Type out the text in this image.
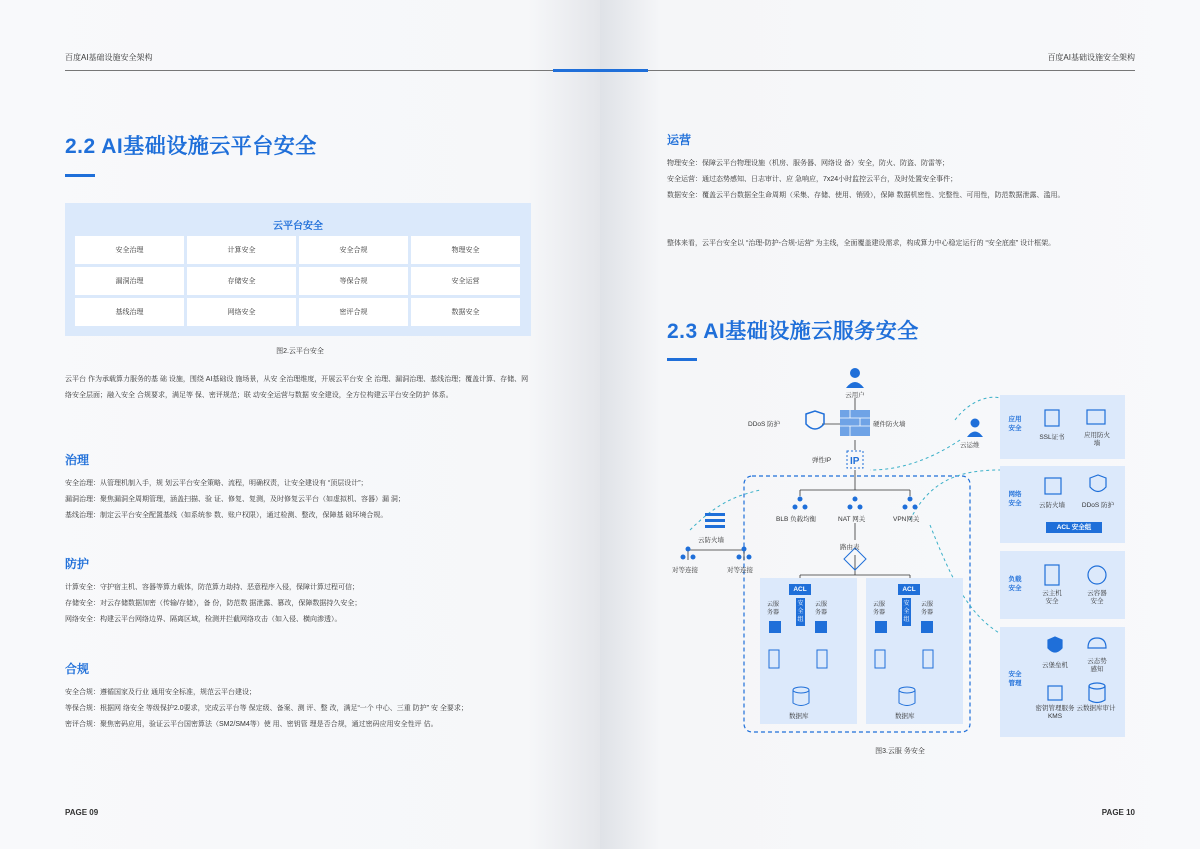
百度AI基础设施安全架构
2.2 AI基础设施云平台安全
云平台安全
安全治理	计算安全	安全合规	物理安全
漏洞治理	存储安全	等保合规	安全运营
基线治理	网络安全	密评合规	数据安全
图2.云平台安全

云平台 作为承载算力服务的基 础 设施，围绕 AI基础设 施场景，从安 全治理维度，开展云平台安 全 治理、漏洞治理、基线治理；覆盖计算、存储、网络安全层面；融入安全 合规要求，满足等 保、密评规范；联 动安全运营与数据 安全建设，全方位构建云平台安全防护 体系。

治理

安全治理：从管理机制入手，规 划云平台安全策略、流程，明确权责，让安全建设有 “顶层设计”；

漏洞治理：聚焦漏洞全周期管理，涵盖扫描、验 证、修复、复测，及时修复云平台（如虚拟机、容器）漏 洞；

基线治理：制定云平台安全配置基线（如系统参 数、账户权限），通过检测、整改，保障基 础环境合规。

防护

计算安全：守护宿主机、容器等算力载体，防范算力劫持、恶意程序入侵，保障计算过程可信；

存储安全：对云存储数据加密（传输/存储），备 份，防范数 据泄露、篡改，保障数据持久安全；

网络安全：构建云平台网络边界、隔离区域，检测并拦截网络攻击（如入侵、横向渗透）。

合规

安全合规：遵循国家及行业 通用安全标准，规范云平台建设；

等保合规：根据网 络安全 等级保护2.0要求，完成云平台等 保定级、备案、测 评、整 改，满足“一个 中心、三重 防护” 安 全要求；

密评合规：聚焦密码应用，验证云平台国密算法（SM2/SM4等）使 用、密钥管 理是否合规，通过密码应用安全性评 估。

PAGE 09
百度AI基础设施安全架构
运营

物理安全：保障云平台物理设施（机房、服务器、网络设 备）安全，防火、防盗、防雷等；

安全运营：通过态势感知、日志审计、应 急响应，7x24小时监控云平台，及时处置安全事件；

数据安全：覆盖云平台数据全生命周期（采集、存储、使用、销毁），保障 数据机密性、完整性、可用性，防范数据泄露、滥用。

整体来看，云平台安全以 “治理-防护-合规-运营” 为主线，全面覆盖建设需求，构成算力中心稳定运行的 “安全底座” 设计框架。

2.3 AI基础设施云服务安全
图3.云服 务安全
PAGE 10
IP
云用户
DDoS 防护	硬件防火墙
弹性IP
云运维
云防火墙
对等连接	对等连接
BLB 负载均衡	NAT 网关	VPN网关
路由表
ACL	ACL
云服务器
安全组
云服务器
云服务器
安全组
云服务器
数据库	数据库
应用安全
SSL证书	应用防火墙
网络安全	云防火墙	DDoS 防护
ACL 安全组
负载安全
云主机安全
云容器安全
安全管理
云堡垒机
云态势感知
密钥管理服务KMS
云数据库审计
